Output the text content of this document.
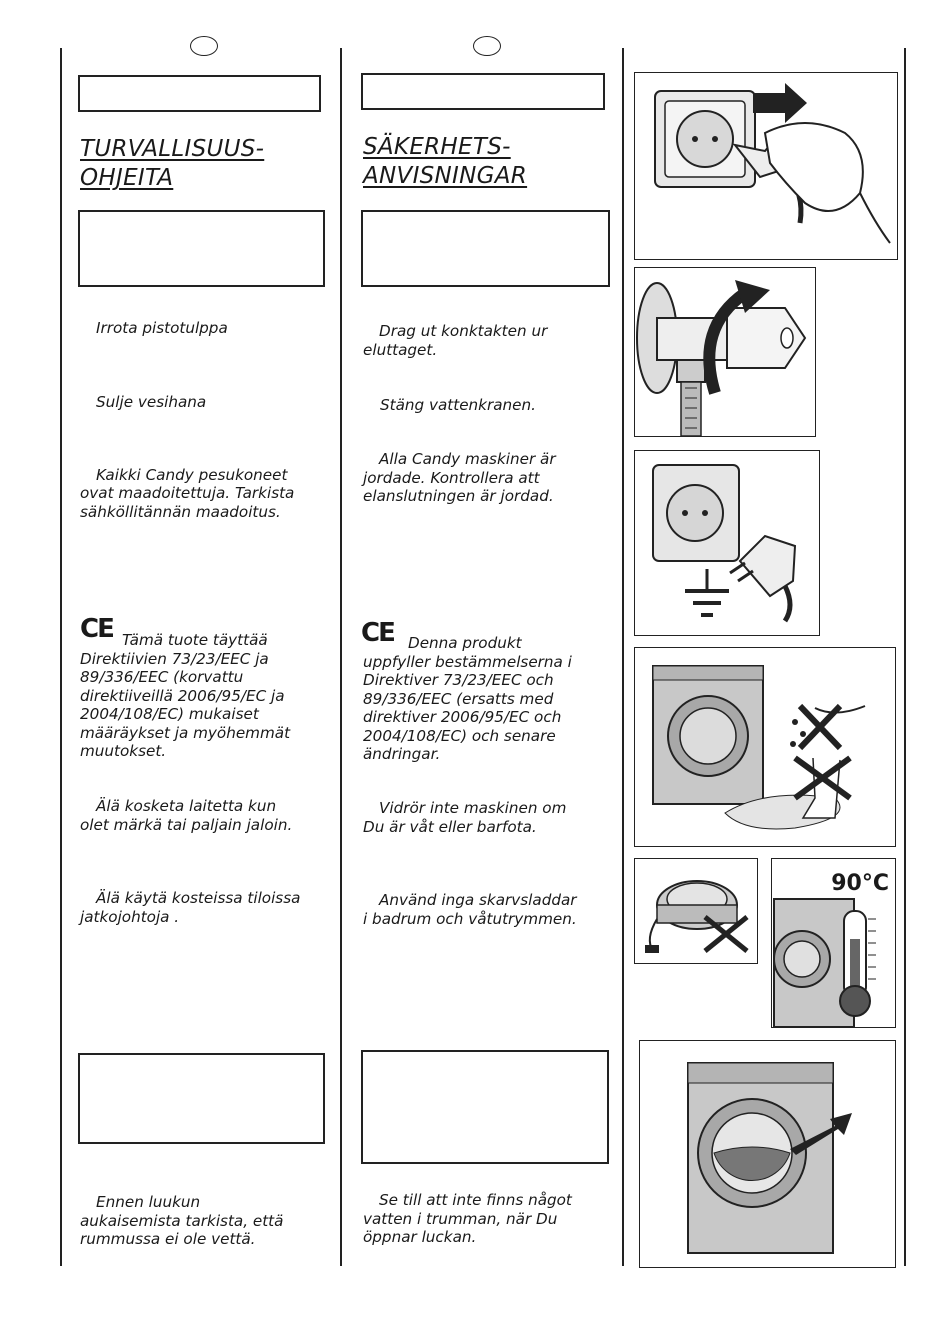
TURVALLISUUS-
OHJEITA
Irrota pistotulppa
Sulje vesihana

Kaikki Candy pesukoneet
ovat maadoitettuja. Tarkista
sähköllitännän maadoitus.

CE Tämä tuote täyttää
Direktiivien 73/23/EEC ja
89/336/EEC (korvattu
direktiiveillä 2006/95/EC ja
2004/108/EC) mukaiset
määräykset ja myöhemmät
muutokset.
Älä kosketa laitetta kun
olet märkä tai paljain jaloin.
Älä käytä kosteissa tiloissa
jatkojohtoja .
Ennen luukun
aukaisemista tarkista, että
rummussa ei ole vettä.
SÄKERHETS-
ANVISNINGAR
Drag ut konktakten ur
eluttaget.
Stäng vattenkranen.
Alla Candy maskiner är
jordade. Kontrollera att
elanslutningen är jordad.
CE Denna produkt
uppfyller bestämmelserna i
Direktiver 73/23/EEC och
89/336/EEC (ersatts med
direktiver 2006/95/EC och
2004/108/EC) och senare
ändringar.
Vidrör inte maskinen om
Du är våt eller barfota.
Använd inga skarvsladdar
i badrum och våtutrymmen.
Se till att inte finns något
vatten i trumman, när Du
öppnar luckan.
90°C
